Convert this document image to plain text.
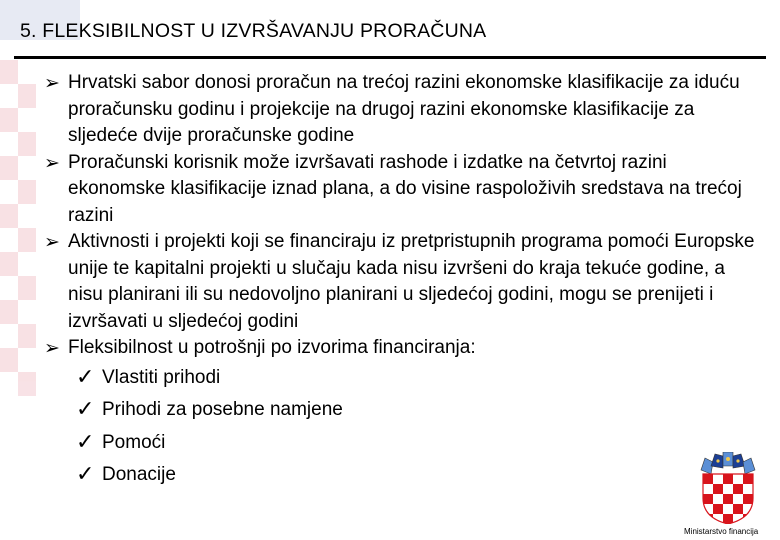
5. FLEKSIBILNOST U IZVRŠAVANJU PRORAČUNA
➢ Hrvatski sabor donosi proračun na trećoj razini ekonomske klasifikacije za iduću proračunsku godinu i projekcije na drugoj razini ekonomske klasifikacije za sljedeće dvije proračunske godine
➢ Proračunski korisnik može izvršavati rashode i izdatke na četvrtoj razini ekonomske klasifikacije iznad plana, a do visine raspoloživih sredstava na trećoj razini
➢ Aktivnosti i projekti koji se financiraju iz pretpristupnih programa pomoći Europske unije te kapitalni projekti u slučaju kada nisu izvršeni do kraja tekuće godine, a nisu planirani ili su nedovoljno planirani u sljedećoj godini, mogu se prenijeti i izvršavati u sljedećoj godini
➢ Fleksibilnost u potrošnji po izvorima financiranja:
✓ Vlastiti prihodi
✓ Prihodi za posebne namjene
✓ Pomoći
✓ Donacije
Ministarstvo financija
